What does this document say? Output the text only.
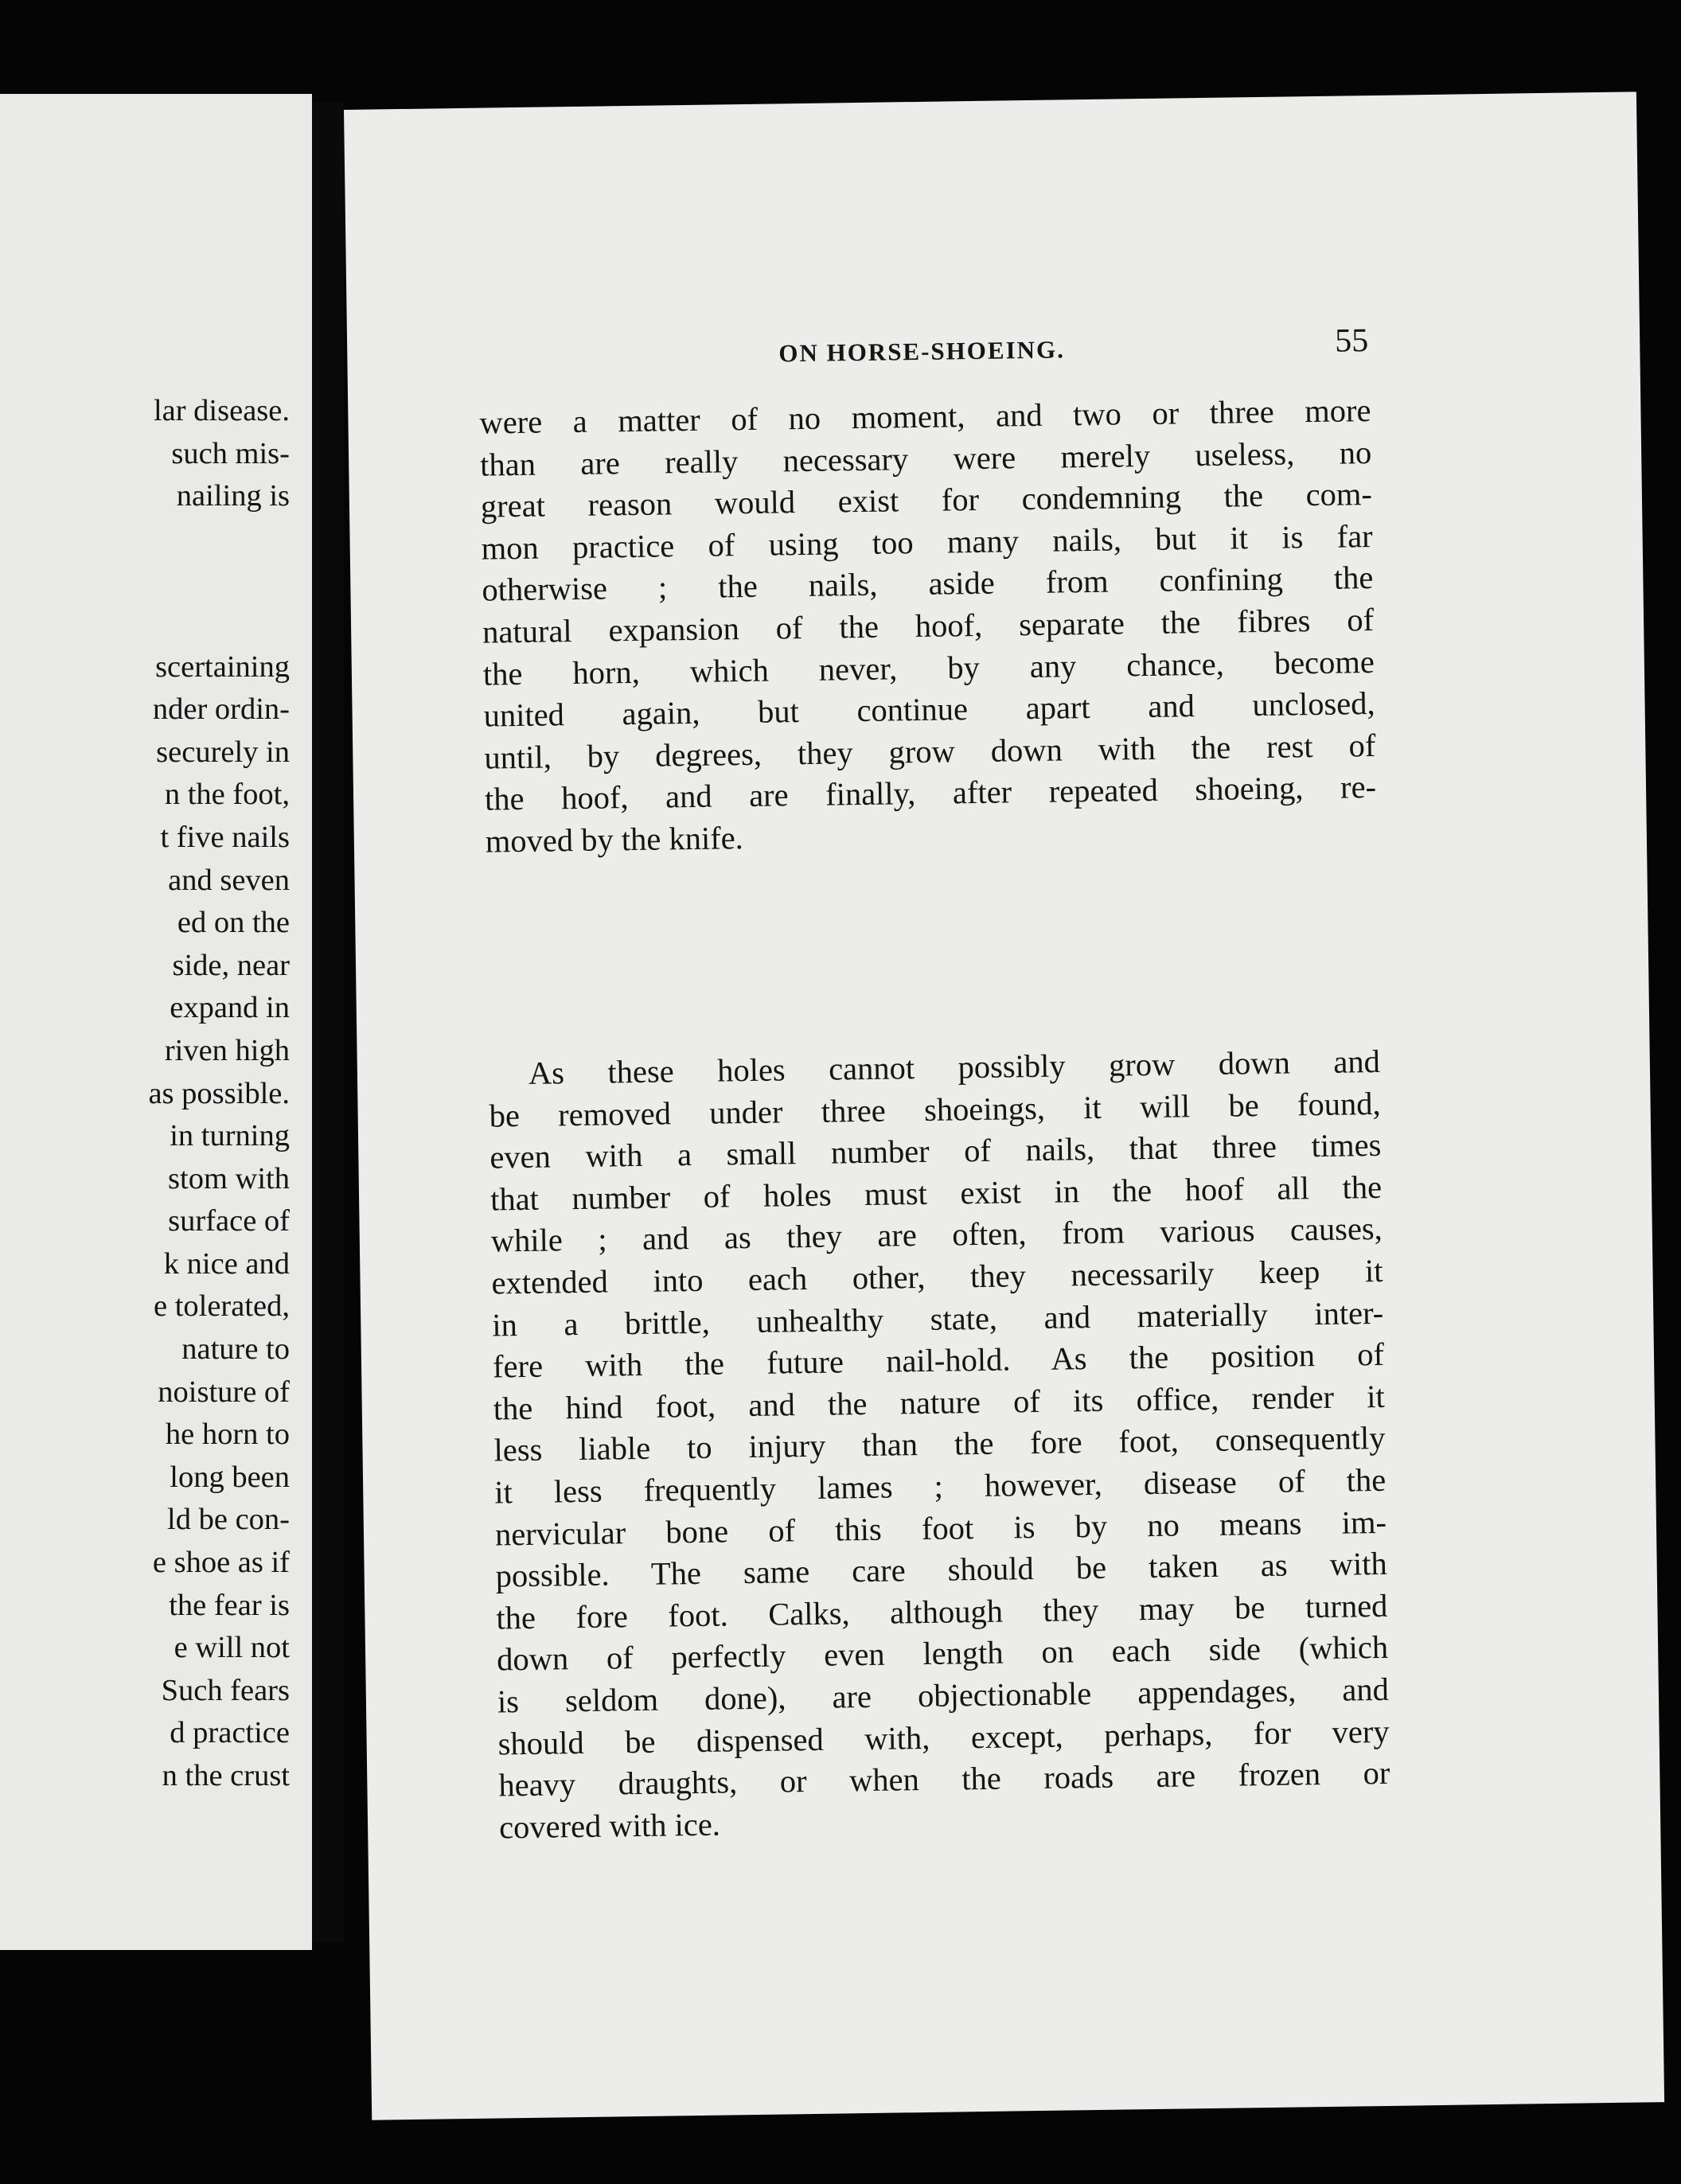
lar disease.
such mis-
nailing is

scertaining
nder ordin-
securely in
n the foot,
t five nails
and seven
ed on the
side, near
expand in
riven high
as possible.
in turning
stom with
surface of
k nice and
e tolerated,
nature to
noisture of
he horn to
long been
ld be con-
e shoe as if
the fear is
e will not
Such fears
d practice
n the crust
ON HORSE-SHOEING.	55
were a matter of no moment, and two or three more
than are really necessary were merely useless, no
great reason would exist for condemning the com-
mon practice of using too many nails, but it is far
otherwise ; the nails, aside from confining the
natural expansion of the hoof, separate the fibres of
the horn, which never, by any chance, become
united again, but continue apart and unclosed,
until, by degrees, they grow down with the rest of
the hoof, and are finally, after repeated shoeing, re-
moved by the knife.
As these holes cannot possibly grow down and
be removed under three shoeings, it will be found,
even with a small number of nails, that three times
that number of holes must exist in the hoof all the
while ; and as they are often, from various causes,
extended into each other, they necessarily keep it
in a brittle, unhealthy state, and materially inter-
fere with the future nail-hold. As the position of
the hind foot, and the nature of its office, render it
less liable to injury than the fore foot, consequently
it less frequently lames ; however, disease of the
nervicular bone of this foot is by no means im-
possible. The same care should be taken as with
the fore foot. Calks, although they may be turned
down of perfectly even length on each side (which
is seldom done), are objectionable appendages, and
should be dispensed with, except, perhaps, for very
heavy draughts, or when the roads are frozen or
covered with ice.
